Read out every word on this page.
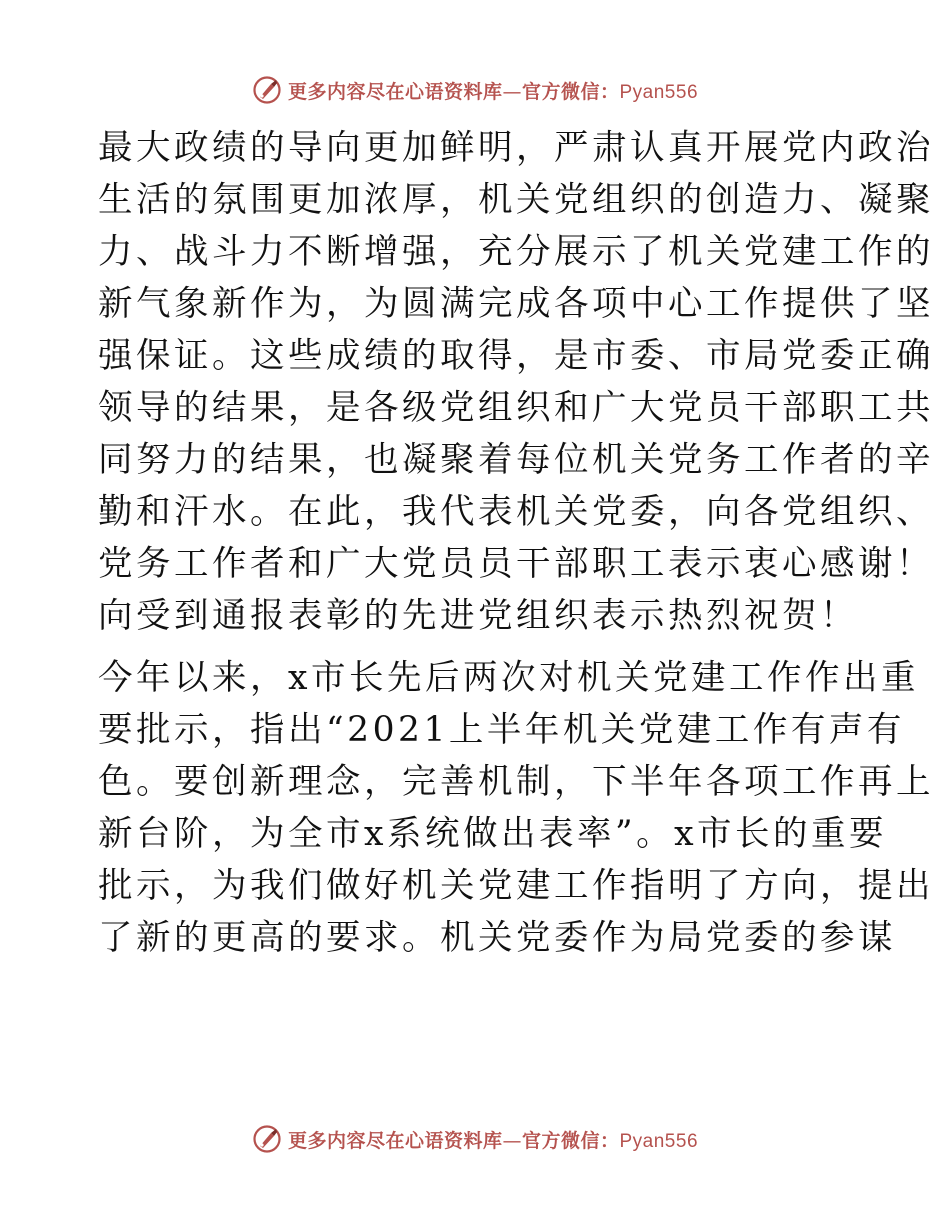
更多内容尽在心语资料库—官方微信：Pyan556
最大政绩的导向更加鲜明，严肃认真开展党内政治
生活的氛围更加浓厚，机关党组织的创造力、凝聚
力、战斗力不断增强，充分展示了机关党建工作的
新气象新作为，为圆满完成各项中心工作提供了坚
强保证。这些成绩的取得，是市委、市局党委正确
领导的结果，是各级党组织和广大党员干部职工共
同努力的结果，也凝聚着每位机关党务工作者的辛
勤和汗水。在此，我代表机关党委，向各党组织、
党务工作者和广大党员员干部职工表示衷心感谢！
向受到通报表彰的先进党组织表示热烈祝贺！
今年以来，x市长先后两次对机关党建工作作出重
要批示，指出“2021上半年机关党建工作有声有
色。要创新理念，完善机制，下半年各项工作再上
新台阶，为全市x系统做出表率”。x市长的重要
批示，为我们做好机关党建工作指明了方向，提出
了新的更高的要求。机关党委作为局党委的参谋
更多内容尽在心语资料库—官方微信：Pyan556
